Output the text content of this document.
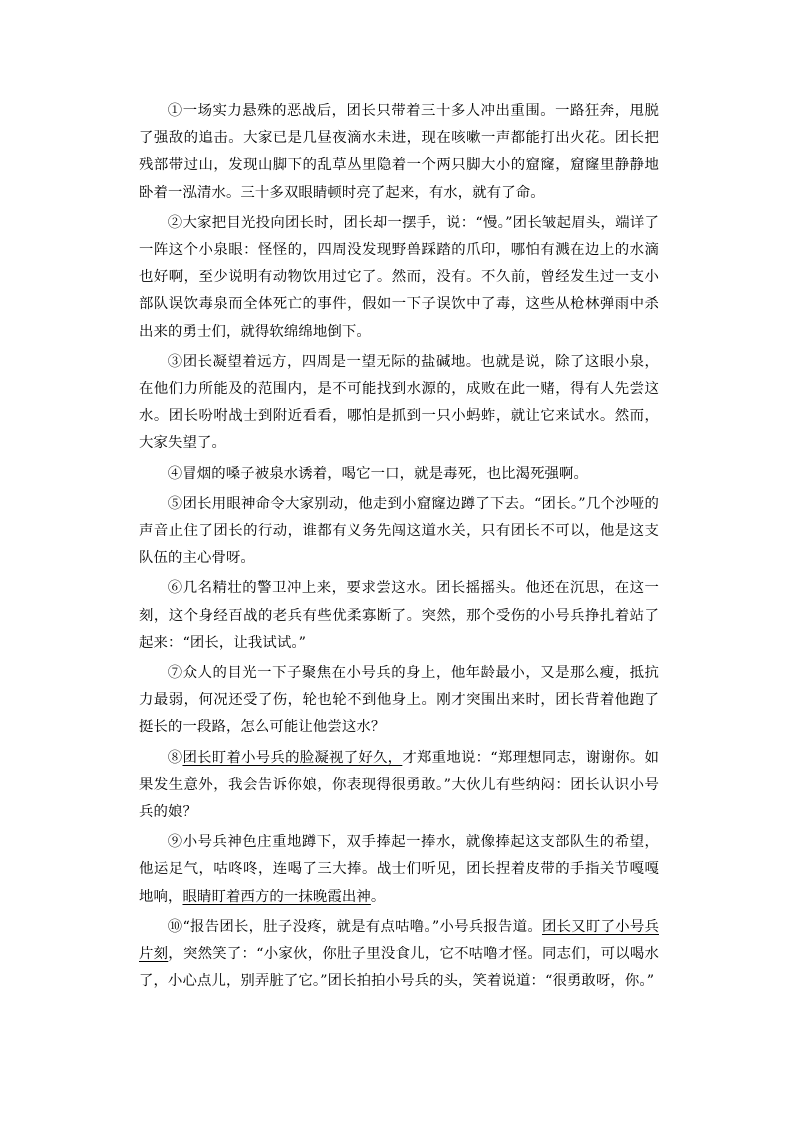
①一场实力悬殊的恶战后，团长只带着三十多人冲出重围。一路狂奔，甩脱了强敌的追击。大家已是几昼夜滴水未进，现在咳嗽一声都能打出火花。团长把残部带过山，发现山脚下的乱草丛里隐着一个两只脚大小的窟窿，窟窿里静静地卧着一泓清水。三十多双眼睛顿时亮了起来，有水，就有了命。

②大家把目光投向团长时，团长却一摆手，说：“慢。”团长皱起眉头，端详了一阵这个小泉眼：怪怪的，四周没发现野兽踩踏的爪印，哪怕有溅在边上的水滴也好啊，至少说明有动物饮用过它了。然而，没有。不久前，曾经发生过一支小部队误饮毒泉而全体死亡的事件，假如一下子误饮中了毒，这些从枪林弹雨中杀出来的勇士们，就得软绵绵地倒下。

③团长凝望着远方，四周是一望无际的盐碱地。也就是说，除了这眼小泉，在他们力所能及的范围内，是不可能找到水源的，成败在此一赌，得有人先尝这水。团长吩咐战士到附近看看，哪怕是抓到一只小蚂蚱，就让它来试水。然而，大家失望了。

④冒烟的嗓子被泉水诱着，喝它一口，就是毒死，也比渴死强啊。

⑤团长用眼神命令大家别动，他走到小窟窿边蹲了下去。“团长。”几个沙哑的声音止住了团长的行动，谁都有义务先闯这道水关，只有团长不可以，他是这支队伍的主心骨呀。

⑥几名精壮的警卫冲上来，要求尝这水。团长摇摇头。他还在沉思，在这一刻，这个身经百战的老兵有些优柔寡断了。突然，那个受伤的小号兵挣扎着站了起来：“团长，让我试试。”

⑦众人的目光一下子聚焦在小号兵的身上，他年龄最小，又是那么瘦，抵抗力最弱，何况还受了伤，轮也轮不到他身上。刚才突围出来时，团长背着他跑了挺长的一段路，怎么可能让他尝这水？

⑧团长盯着小号兵的脸凝视了好久，才郑重地说：“郑理想同志，谢谢你。如果发生意外，我会告诉你娘，你表现得很勇敢。”大伙儿有些纳闷：团长认识小号兵的娘？

⑨小号兵神色庄重地蹲下，双手捧起一捧水，就像捧起这支部队生的希望，他运足气，咕咚咚，连喝了三大捧。战士们听见，团长捏着皮带的手指关节嘎嘎地响，眼睛盯着西方的一抹晚霞出神。

⑩“报告团长，肚子没疼，就是有点咕噜。”小号兵报告道。团长又盯了小号兵片刻，突然笑了：“小家伙，你肚子里没食儿，它不咕噜才怪。同志们，可以喝水了，小心点儿，别弄脏了它。”团长拍拍小号兵的头，笑着说道：“很勇敢呀，你。”
